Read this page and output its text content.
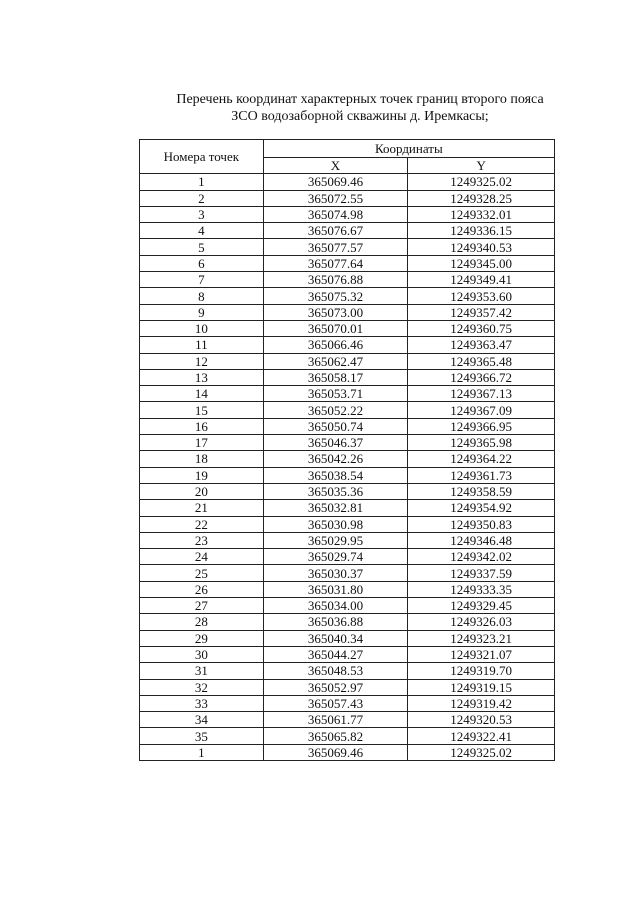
Перечень координат характерных точек границ второго пояса
ЗСО водозаборной скважины д. Иремкасы;
Номера точек	Координаты	
	X	Y
1	365069.46	1249325.02
2	365072.55	1249328.25
3	365074.98	1249332.01
4	365076.67	1249336.15
5	365077.57	1249340.53
6	365077.64	1249345.00
7	365076.88	1249349.41
8	365075.32	1249353.60
9	365073.00	1249357.42
10	365070.01	1249360.75
11	365066.46	1249363.47
12	365062.47	1249365.48
13	365058.17	1249366.72
14	365053.71	1249367.13
15	365052.22	1249367.09
16	365050.74	1249366.95
17	365046.37	1249365.98
18	365042.26	1249364.22
19	365038.54	1249361.73
20	365035.36	1249358.59
21	365032.81	1249354.92
22	365030.98	1249350.83
23	365029.95	1249346.48
24	365029.74	1249342.02
25	365030.37	1249337.59
26	365031.80	1249333.35
27	365034.00	1249329.45
28	365036.88	1249326.03
29	365040.34	1249323.21
30	365044.27	1249321.07
31	365048.53	1249319.70
32	365052.97	1249319.15
33	365057.43	1249319.42
34	365061.77	1249320.53
35	365065.82	1249322.41
1	365069.46	1249325.02
